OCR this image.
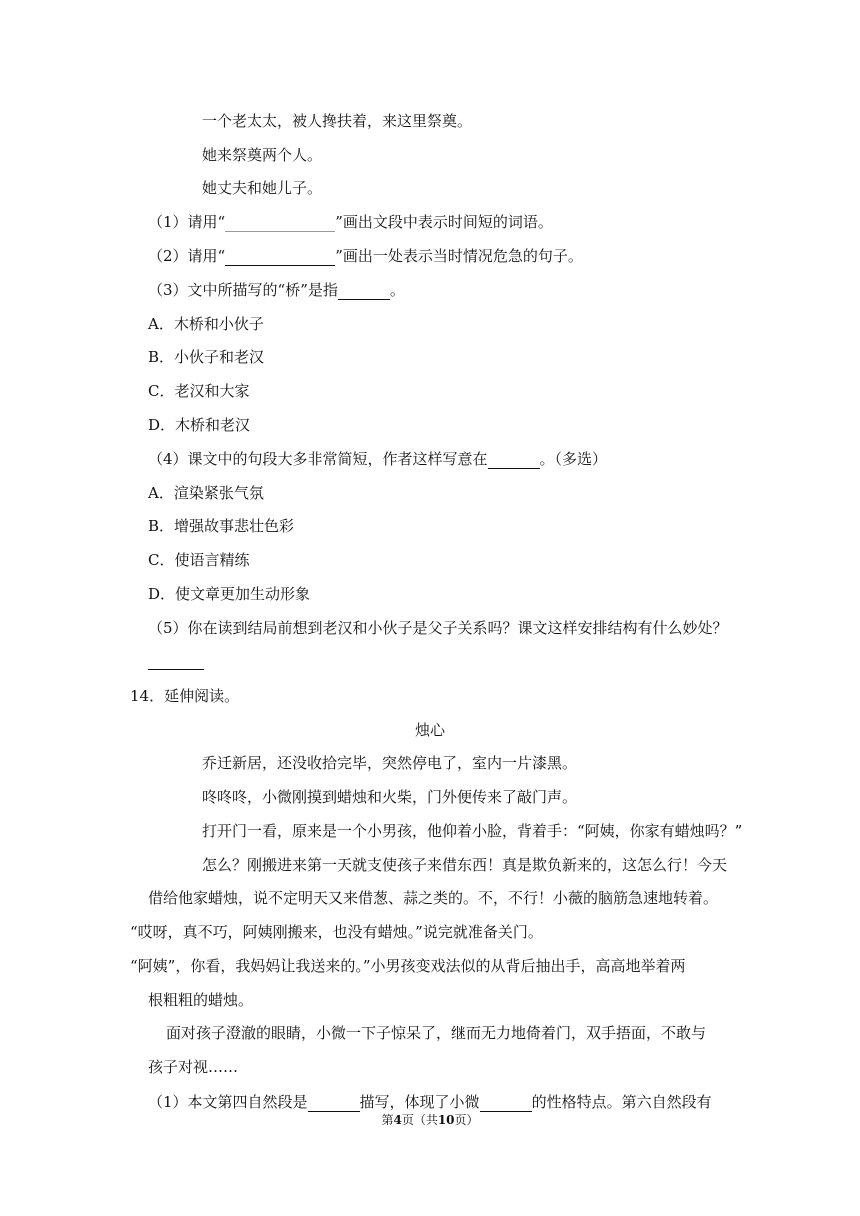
一个老太太，被人搀扶着，来这里祭奠。
她来祭奠两个人。
她丈夫和她儿子。
（1）请用“	”画出文段中表示时间短的词语。
（2）请用“	”画出一处表示当时情况危急的句子。
（3）文中所描写的“桥”是指	。
A．木桥和小伙子
B．小伙子和老汉
C．老汉和大家
D．木桥和老汉
（4）课文中的句段大多非常简短，作者这样写意在	。（多选）
A．渲染紧张气氛
B．增强故事悲壮色彩
C．使语言精练
D．使文章更加生动形象
（5）你在读到结局前想到老汉和小伙子是父子关系吗？课文这样安排结构有什么妙处？
14．延伸阅读。
烛心
乔迁新居，还没收拾完毕，突然停电了，室内一片漆黑。
咚咚咚，小微刚摸到蜡烛和火柴，门外便传来了敲门声。
打开门一看，原来是一个小男孩，他仰着小脸，背着手：“阿姨，你家有蜡烛吗？”
怎么？刚搬进来第一天就支使孩子来借东西！真是欺负新来的，这怎么行！今天
借给他家蜡烛，说不定明天又来借葱、蒜之类的。不，不行！小薇的脑筋急速地转着。
“哎呀，真不巧，阿姨刚搬来，也没有蜡烛。”说完就准备关门。
“阿姨”，你看，我妈妈让我送来的。”小男孩变戏法似的从背后抽出手，高高地举着两
根粗粗的蜡烛。
面对孩子澄澈的眼睛，小微一下子惊呆了，继而无力地倚着门，双手捂面，不敢与
孩子对视……
（1）本文第四自然段是	描写，体现了小微	的性格特点。第六自然段有
第4页（共10页）
